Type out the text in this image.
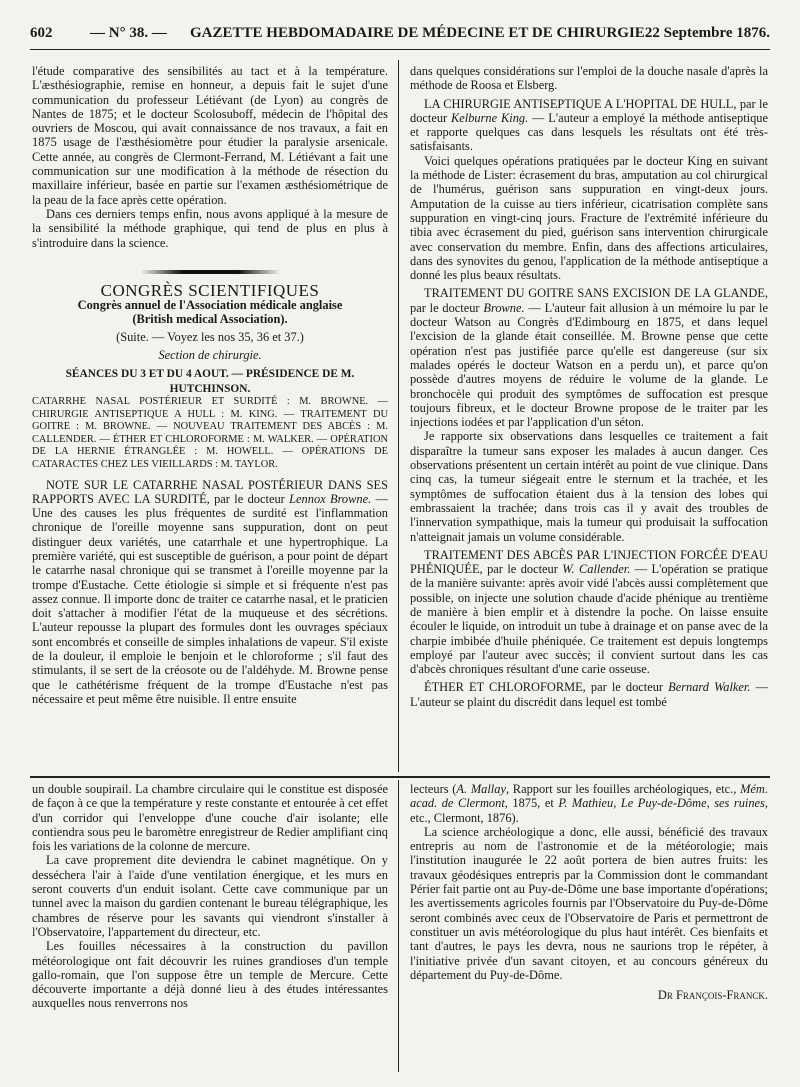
602	— N° 38. — GAZETTE HEBDOMADAIRE DE MÉDECINE ET DE CHIRURGIE.
22 Septembre 1876.

l'étude comparative des sensibilités au tact et à la température. L'æsthésiographie, remise en honneur, a depuis fait le sujet d'une communication du professeur Létiévant (de Lyon) au congrès de Nantes de 1875; et le docteur Scolosuboff, médecin de l'hôpital des ouvriers de Moscou, qui avait connaissance de nos travaux, a fait en 1875 usage de l'æsthésiomètre pour étudier la paralysie arsenicale. Cette année, au congrès de Clermont-Ferrand, M. Létiévant a fait une communication sur une modification à la méthode de résection du maxillaire inférieur, basée en partie sur l'examen æsthésiométrique de la peau de la face après cette opération.

Dans ces derniers temps enfin, nous avons appliqué à la mesure de la sensibilité la méthode graphique, qui tend de plus en plus à s'introduire dans la science.

CONGRÈS SCIENTIFIQUES

Congrès annuel de l'Association médicale anglaise

(British medical Association).

(Suite. — Voyez les nos 35, 36 et 37.)

Section de chirurgie.

SÉANCES DU 3 ET DU 4 AOUT. — PRÉSIDENCE DE M. HUTCHINSON.

CATARRHE NASAL POSTÉRIEUR ET SURDITÉ : M. BROWNE. — CHIRURGIE ANTISEPTIQUE A HULL : M. KING. — TRAITEMENT DU GOITRE : M. BROWNE. — NOUVEAU TRAITEMENT DES ABCÈS : M. CALLENDER. — ÉTHER ET CHLOROFORME : M. WALKER. — OPÉRATION DE LA HERNIE ÉTRANGLÉE : M. HOWELL. — OPÉRATIONS DE CATARACTES CHEZ LES VIEILLARDS : M. TAYLOR.

NOTE SUR LE CATARRHE NASAL POSTÉRIEUR DANS SES RAPPORTS AVEC LA SURDITÉ, par le docteur Lennox Browne. — Une des causes les plus fréquentes de surdité est l'inflammation chronique de l'oreille moyenne sans suppuration, dont on peut distinguer deux variétés, une catarrhale et une hypertrophique. La première variété, qui est susceptible de guérison, a pour point de départ le catarrhe nasal chronique qui se transmet à l'oreille moyenne par la trompe d'Eustache. Cette étiologie si simple et si fréquente n'est pas assez connue. Il importe donc de traiter ce catarrhe nasal, et le praticien doit s'attacher à modifier l'état de la muqueuse et des sécrétions. L'auteur repousse la plupart des formules dont les ouvrages spéciaux sont encombrés et conseille de simples inhalations de vapeur. S'il existe de la douleur, il emploie le benjoin et le chloroforme ; s'il faut des stimulants, il se sert de la créosote ou de l'aldéhyde. M. Browne pense que le cathétérisme fréquent de la trompe d'Eustache n'est pas nécessaire et peut même être nuisible. Il entre ensuite

dans quelques considérations sur l'emploi de la douche nasale d'après la méthode de Roosa et Elsberg.

LA CHIRURGIE ANTISEPTIQUE A L'HOPITAL DE HULL, par le docteur Kelburne King. — L'auteur a employé la méthode antiseptique et rapporte quelques cas dans lesquels les résultats ont été très-satisfaisants.

Voici quelques opérations pratiquées par le docteur King en suivant la méthode de Lister: écrasement du bras, amputation au col chirurgical de l'humérus, guérison sans suppuration en vingt-deux jours. Amputation de la cuisse au tiers inférieur, cicatrisation complète sans suppuration en vingt-cinq jours. Fracture de l'extrémité inférieure du tibia avec écrasement du pied, guérison sans intervention chirurgicale avec conservation du membre. Enfin, dans des affections articulaires, dans des synovites du genou, l'application de la méthode antiseptique a donné les plus beaux résultats.

TRAITEMENT DU GOITRE SANS EXCISION DE LA GLANDE, par le docteur Browne. — L'auteur fait allusion à un mémoire lu par le docteur Watson au Congrès d'Edimbourg en 1875, et dans lequel l'excision de la glande était conseillée. M. Browne pense que cette opération n'est pas justifiée parce qu'elle est dangereuse (sur six malades opérés le docteur Watson en a perdu un), et parce qu'on possède d'autres moyens de réduire le volume de la glande. Le bronchocèle qui produit des symptômes de suffocation est presque toujours fibreux, et le docteur Browne propose de le traiter par les injections iodées et par l'application d'un séton.

Je rapporte six observations dans lesquelles ce traitement a fait disparaître la tumeur sans exposer les malades à aucun danger. Ces observations présentent un certain intérêt au point de vue clinique. Dans cinq cas, la tumeur siégeait entre le sternum et la trachée, et les symptômes de suffocation étaient dus à la tension des lobes qui embrassaient la trachée; dans trois cas il y avait des troubles de l'innervation sympathique, mais la tumeur qui produisait la suffocation n'atteignait jamais un volume considérable.

TRAITEMENT DES ABCÈS PAR L'INJECTION FORCÉE D'EAU PHÉNIQUÉE, par le docteur W. Callender. — L'opération se pratique de la manière suivante: après avoir vidé l'abcès aussi complètement que possible, on injecte une solution chaude d'acide phénique au trentième de manière à bien emplir et à distendre la poche. On laisse ensuite écouler le liquide, on introduit un tube à drainage et on panse avec de la charpie imbibée d'huile phéniquée. Ce traitement est depuis longtemps employé par l'auteur avec succès; il convient surtout dans les cas d'abcès chroniques résultant d'une carie osseuse.

ÉTHER ET CHLOROFORME, par le docteur Bernard Walker. — L'auteur se plaint du discrédit dans lequel est tombé

un double soupirail. La chambre circulaire qui le constitue est disposée de façon à ce que la température y reste constante et entourée à cet effet d'un corridor qui l'enveloppe d'une couche d'air isolante; elle contiendra sous peu le baromètre enregistreur de Redier amplifiant cinq fois les variations de la colonne de mercure.

La cave proprement dite deviendra le cabinet magnétique. On y desséchera l'air à l'aide d'une ventilation énergique, et les murs en seront couverts d'un enduit isolant. Cette cave communique par un tunnel avec la maison du gardien contenant le bureau télégraphique, les chambres de réserve pour les savants qui viendront s'installer à l'Observatoire, l'appartement du directeur, etc.

Les fouilles nécessaires à la construction du pavillon météorologique ont fait découvrir les ruines grandioses d'un temple gallo-romain, que l'on suppose être un temple de Mercure. Cette découverte importante a déjà donné lieu à des études intéressantes auxquelles nous renverrons nos

lecteurs (A. Mallay, Rapport sur les fouilles archéologiques, etc., Mém. acad. de Clermont, 1875, et P. Mathieu, Le Puy-de-Dôme, ses ruines, etc., Clermont, 1876).

La science archéologique a donc, elle aussi, bénéficié des travaux entrepris au nom de l'astronomie et de la météorologie; mais l'institution inaugurée le 22 août portera de bien autres fruits: les travaux géodésiques entrepris par la Commission dont le commandant Périer fait partie ont au Puy-de-Dôme une base importante d'opérations; les avertissements agricoles fournis par l'Observatoire du Puy-de-Dôme seront combinés avec ceux de l'Observatoire de Paris et permettront de constituer un avis météorologique du plus haut intérêt. Ces bienfaits et tant d'autres, le pays les devra, nous ne saurions trop le répéter, à l'initiative privée d'un savant citoyen, et au concours généreux du département du Puy-de-Dôme.

Dr François-Franck.
